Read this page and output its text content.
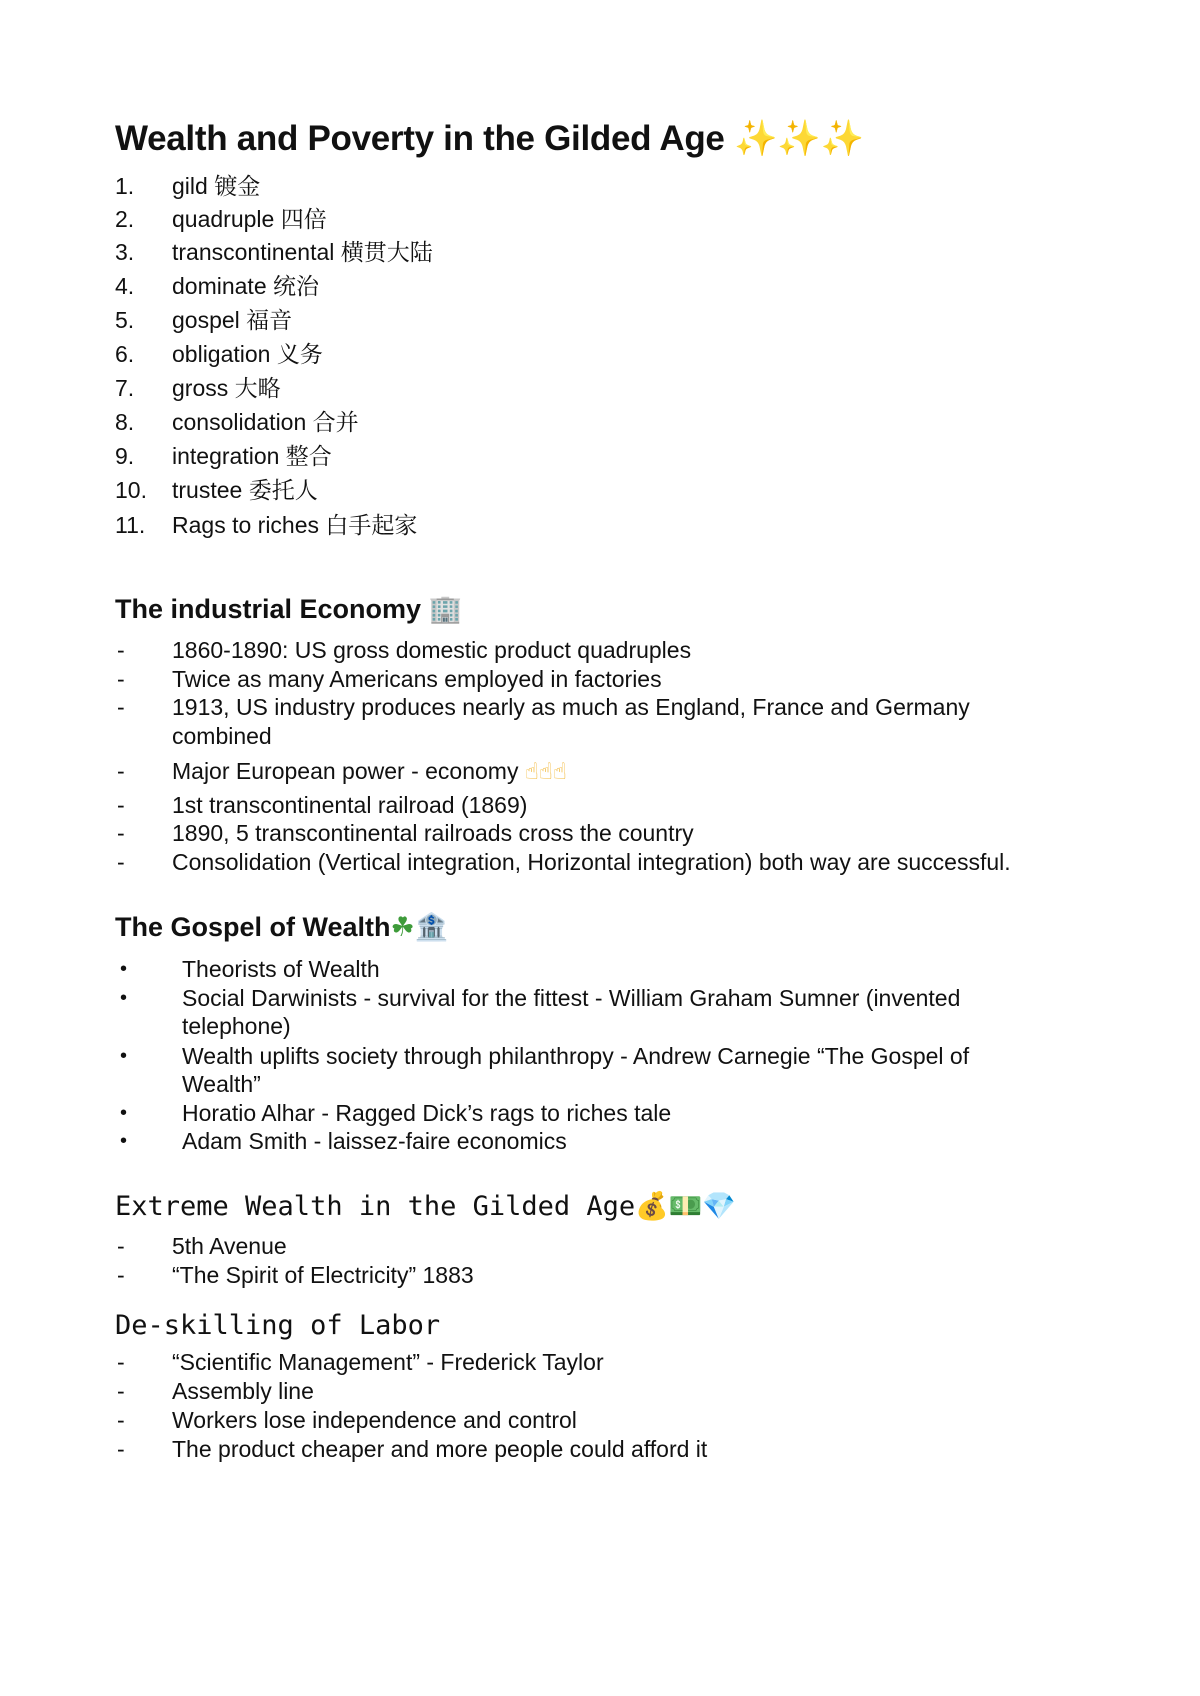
Wealth and Poverty in the Gilded Age ✨✨✨
1. gild 镀金
2. quadruple 四倍
3. transcontinental 横贯大陆
4. dominate 统治
5. gospel 福音
6. obligation 义务
7. gross 大略
8. consolidation 合并
9. integration 整合
10. trustee 委托人
11. Rags to riches 白手起家
The industrial Economy 🏢
- 1860-1890: US gross domestic product quadruples
- Twice as many Americans employed in factories
- 1913, US industry produces nearly as much as England, France and Germany
combined
- Major European power - economy ☝☝☝
- 1st transcontinental railroad (1869)
- 1890, 5 transcontinental railroads cross the country
- Consolidation (Vertical integration, Horizontal integration) both way are successful.
The Gospel of Wealth☘🏦
• Theorists of Wealth
• Social Darwinists - survival for the fittest - William Graham Sumner (invented
telephone)
• Wealth uplifts society through philanthropy - Andrew Carnegie “The Gospel of
Wealth”
• Horatio Alhar - Ragged Dick’s rags to riches tale
• Adam Smith - laissez-faire economics
Extreme Wealth in the Gilded Age💰💵💎
- 5th Avenue
- “The Spirit of Electricity” 1883
De-skilling of Labor
- “Scientific Management” - Frederick Taylor
- Assembly line
- Workers lose independence and control
- The product cheaper and more people could afford it
